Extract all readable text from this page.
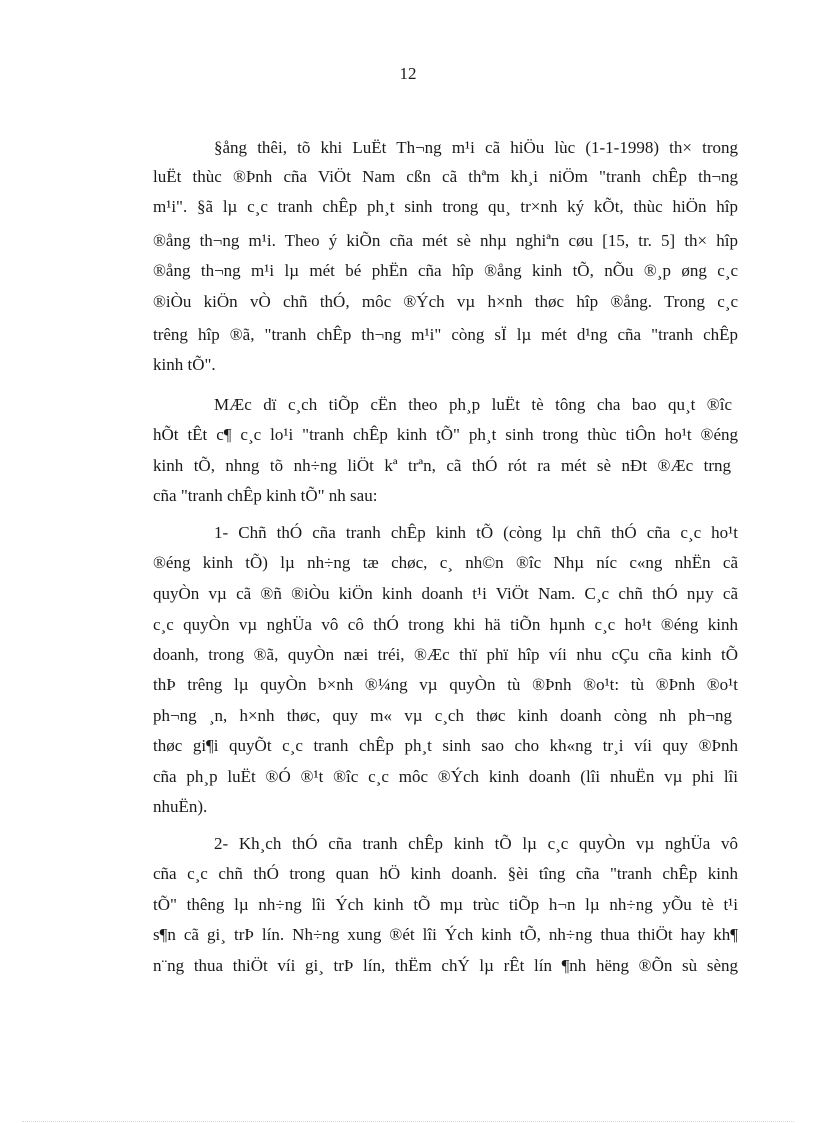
12

§ång thêi, tõ khi LuËt Th¬ng m¹i cã hiÖu lùc (1-1-1998) th× trong

luËt thùc ®Þnh cña ViÖt Nam cßn cã thªm kh¸i niÖm "tranh chÊp th¬ng

m¹i". §ã lµ c¸c tranh chÊp ph¸t sinh trong qu¸ tr×nh ký kÕt, thùc hiÖn hîp

®ång th¬ng m¹i. Theo ý kiÕn cña mét sè nhµ nghiªn cøu [15, tr. 5] th× hîp

®ång th¬ng m¹i lµ mét bé phËn cña hîp ®ång kinh tÕ, nÕu ®¸p øng c¸c

®iÒu kiÖn vÒ chñ thÓ, môc ®Ých vµ h×nh thøc hîp ®ång. Trong c¸c

trêng hîp ®ã, "tranh chÊp th¬ng m¹i" còng sÏ lµ mét d¹ng cña "tranh chÊp

kinh tÕ".

MÆc dï c¸ch tiÕp cËn theo ph¸p luËt tè tông cha bao qu¸t ®îc

hÕt tÊt c¶ c¸c lo¹i "tranh chÊp kinh tÕ" ph¸t sinh trong thùc tiÔn ho¹t ®éng

kinh tÕ, nhng tõ nh÷ng liÖt kª trªn, cã thÓ rót ra mét sè nÐt ®Æc trng

cña "tranh chÊp kinh tÕ" nh sau:

1- Chñ thÓ cña tranh chÊp kinh tÕ (còng lµ chñ thÓ cña c¸c ho¹t

®éng kinh tÕ) lµ nh÷ng tæ chøc, c¸ nh©n ®îc Nhµ níc c«ng nhËn cã

quyÒn vµ cã ®ñ ®iÒu kiÖn kinh doanh t¹i ViÖt Nam. C¸c chñ thÓ nµy cã

c¸c quyÒn vµ nghÜa vô cô thÓ trong khi hä tiÕn hµnh c¸c ho¹t ®éng kinh

doanh, trong ®ã, quyÒn næi tréi, ®Æc thï phï hîp víi nhu cÇu cña kinh tÕ

thÞ trêng lµ quyÒn b×nh ®¼ng vµ quyÒn tù ®Þnh ®o¹t: tù ®Þnh ®o¹t

ph¬ng ¸n, h×nh thøc, quy m« vµ c¸ch thøc kinh doanh còng nh ph¬ng

thøc gi¶i quyÕt c¸c tranh chÊp ph¸t sinh sao cho kh«ng tr¸i víi quy ®Þnh

cña ph¸p luËt ®Ó ®¹t ®îc c¸c môc ®Ých kinh doanh (lîi nhuËn vµ phi lîi

nhuËn).

2- Kh¸ch thÓ cña tranh chÊp kinh tÕ lµ c¸c quyÒn vµ nghÜa vô

cña c¸c chñ thÓ trong quan hÖ kinh doanh. §èi tîng cña "tranh chÊp kinh

tÕ" thêng lµ nh÷ng lîi Ých kinh tÕ mµ trùc tiÕp h¬n lµ nh÷ng yÕu tè t¹i

s¶n cã gi¸ trÞ lín. Nh÷ng xung ®ét lîi Ých kinh tÕ, nh÷ng thua thiÖt hay kh¶

n¨ng thua thiÖt víi gi¸ trÞ lín, thËm chÝ lµ rÊt lín ¶nh hëng ®Õn sù sèng
